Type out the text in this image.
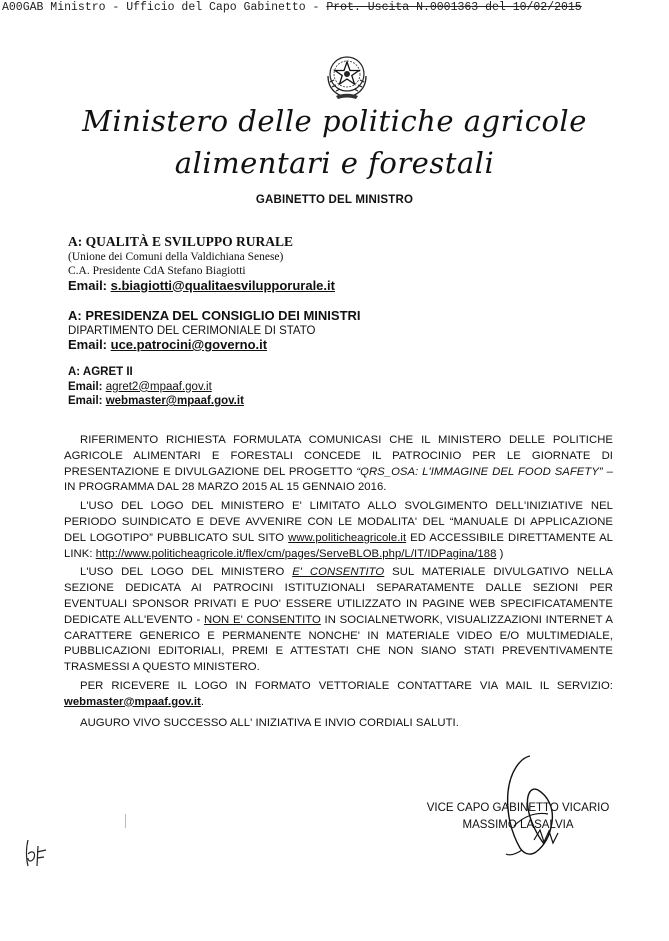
A00GAB Ministro - Ufficio del Capo Gabinetto - Prot. Uscita N.0001363 del 10/02/2015
Ministero delle politiche agricole
alimentari e forestali
GABINETTO DEL MINISTRO
A: QUALITÀ E SVILUPPO RURALE
(Unione dei Comuni della Valdichiana Senese)
C.A. Presidente CdA Stefano Biagiotti
Email: s.biagiotti@qualitaesvilupporurale.it
A: PRESIDENZA DEL CONSIGLIO DEI MINISTRI
DIPARTIMENTO DEL CERIMONIALE DI STATO
Email: uce.patrocini@governo.it
A: AGRET II
Email: agret2@mpaaf.gov.it
Email: webmaster@mpaaf.gov.it

RIFERIMENTO RICHIESTA FORMULATA COMUNICASI CHE IL MINISTERO DELLE POLITICHE AGRICOLE ALIMENTARI E FORESTALI CONCEDE IL PATROCINIO PER LE GIORNATE DI PRESENTAZIONE E DIVULGAZIONE DEL PROGETTO “QRS_OSA: L'IMMAGINE DEL FOOD SAFETY” – IN PROGRAMMA DAL 28 MARZO 2015 AL 15 GENNAIO 2016.

L'USO DEL LOGO DEL MINISTERO E' LIMITATO ALLO SVOLGIMENTO DELL'INIZIATIVE NEL PERIODO SUINDICATO E DEVE AVVENIRE CON LE MODALITA' DEL “MANUALE DI APPLICAZIONE DEL LOGOTIPO” PUBBLICATO SUL SITO www.politicheagricole.it ED ACCESSIBILE DIRETTAMENTE AL LINK: http://www.politicheagricole.it/flex/cm/pages/ServeBLOB.php/L/IT/IDPagina/188 )

L'USO DEL LOGO DEL MINISTERO E' CONSENTITO SUL MATERIALE DIVULGATIVO NELLA SEZIONE DEDICATA AI PATROCINI ISTITUZIONALI SEPARATAMENTE DALLE SEZIONI PER EVENTUALI SPONSOR PRIVATI E PUO' ESSERE UTILIZZATO IN PAGINE WEB SPECIFICATAMENTE DEDICATE ALL'EVENTO - NON E' CONSENTITO IN SOCIALNETWORK, VISUALIZZAZIONI INTERNET A CARATTERE GENERICO E PERMANENTE NONCHE' IN MATERIALE VIDEO E/O MULTIMEDIALE, PUBBLICAZIONI EDITORIALI, PREMI E ATTESTATI CHE NON SIANO STATI PREVENTIVAMENTE TRASMESSI A QUESTO MINISTERO.

PER RICEVERE IL LOGO IN FORMATO VETTORIALE CONTATTARE VIA MAIL IL SERVIZIO: webmaster@mpaaf.gov.it.

AUGURO VIVO SUCCESSO ALL' INIZIATIVA E INVIO CORDIALI SALUTI.

VICE CAPO GABINETTO VICARIO
MASSIMO LASALVIA
